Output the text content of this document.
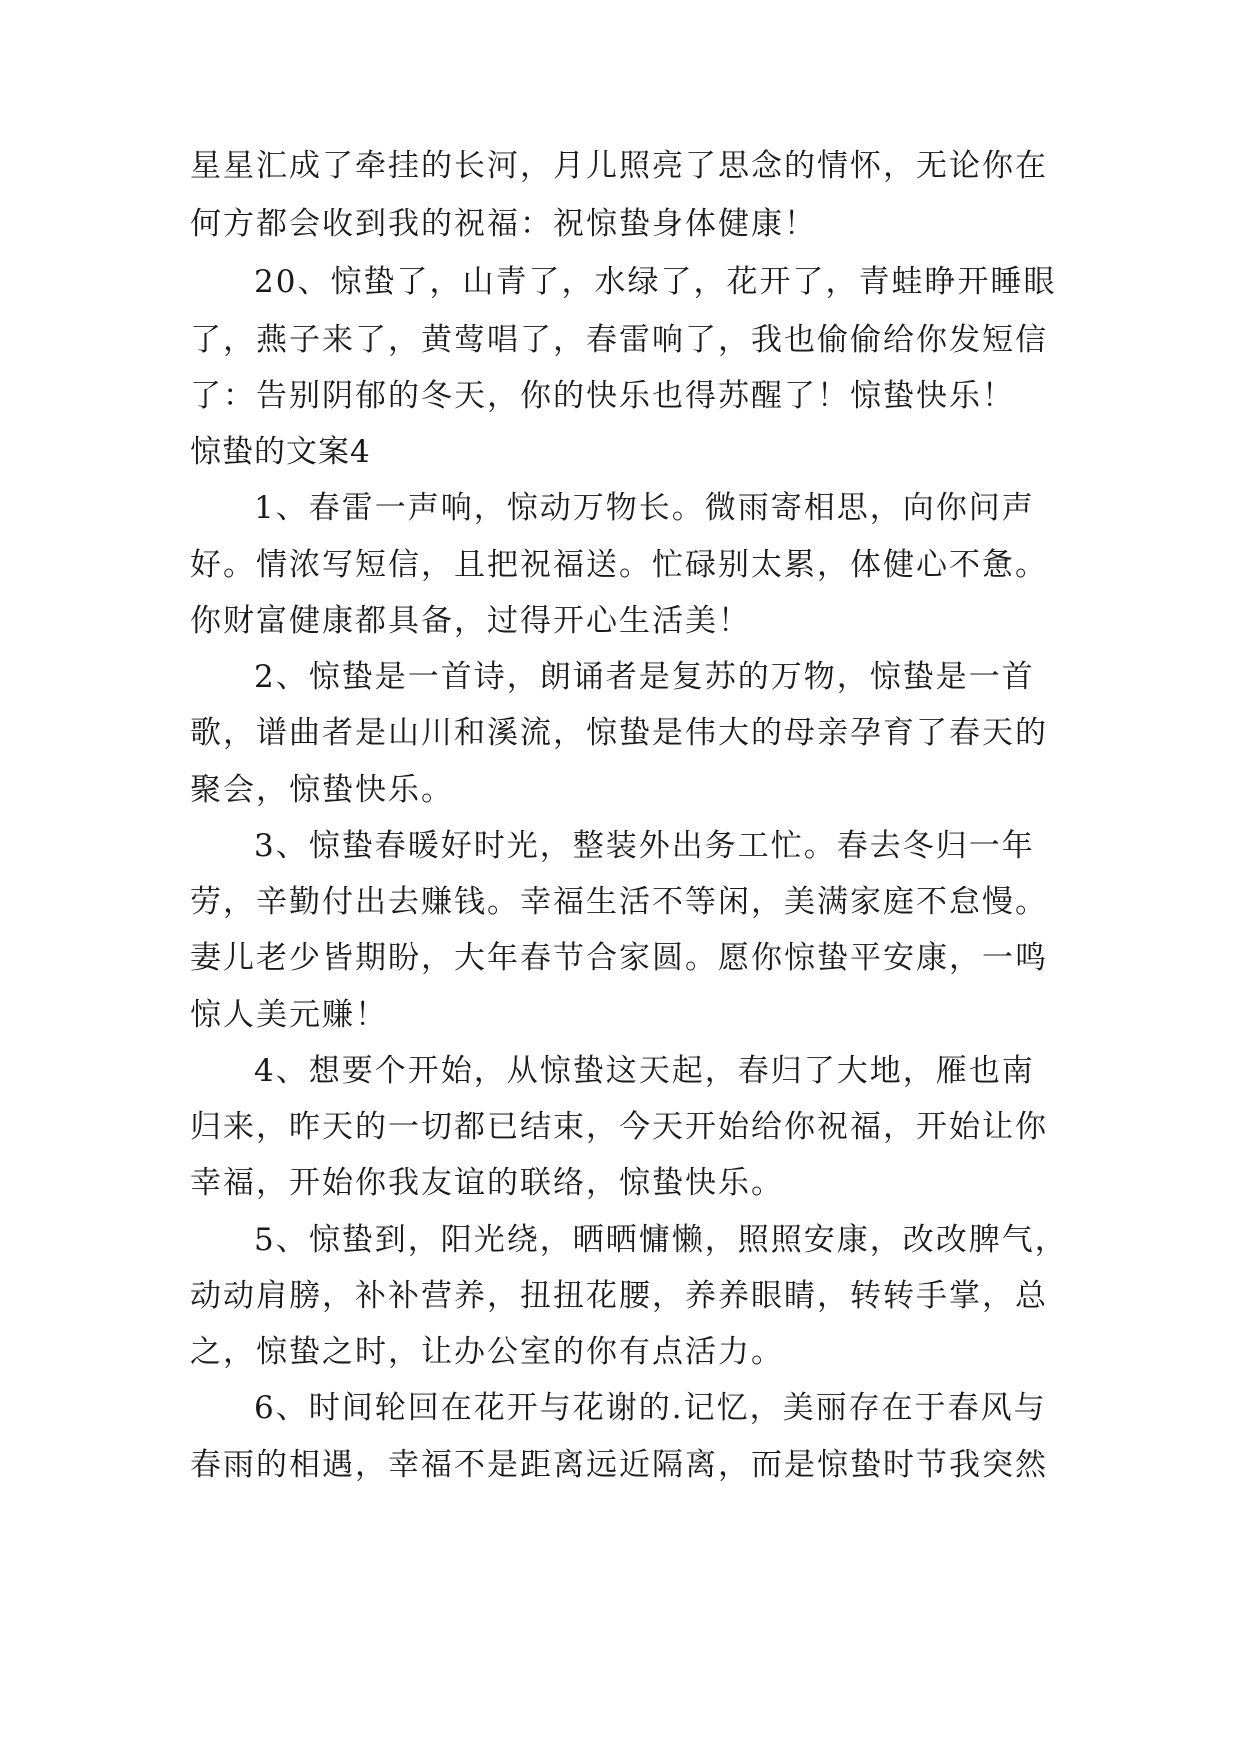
星星汇成了牵挂的长河，月儿照亮了思念的情怀，无论你在
何方都会收到我的祝福：祝惊蛰身体健康！
20、惊蛰了，山青了，水绿了，花开了，青蛙睁开睡眼
了，燕子来了，黄莺唱了，春雷响了，我也偷偷给你发短信
了：告别阴郁的冬天，你的快乐也得苏醒了！惊蛰快乐！
惊蛰的文案4
1、春雷一声响，惊动万物长。微雨寄相思，向你问声
好。情浓写短信，且把祝福送。忙碌别太累，体健心不惫。
你财富健康都具备，过得开心生活美！
2、惊蛰是一首诗，朗诵者是复苏的万物，惊蛰是一首
歌，谱曲者是山川和溪流，惊蛰是伟大的母亲孕育了春天的
聚会，惊蛰快乐。
3、惊蛰春暖好时光，整装外出务工忙。春去冬归一年
劳，辛勤付出去赚钱。幸福生活不等闲，美满家庭不怠慢。
妻儿老少皆期盼，大年春节合家圆。愿你惊蛰平安康，一鸣
惊人美元赚！
4、想要个开始，从惊蛰这天起，春归了大地，雁也南
归来，昨天的一切都已结束，今天开始给你祝福，开始让你
幸福，开始你我友谊的联络，惊蛰快乐。
5、惊蛰到，阳光绕，晒晒慵懒，照照安康，改改脾气，
动动肩膀，补补营养，扭扭花腰，养养眼睛，转转手掌，总
之，惊蛰之时，让办公室的你有点活力。
6、时间轮回在花开与花谢的.记忆，美丽存在于春风与
春雨的相遇，幸福不是距离远近隔离，而是惊蛰时节我突然
